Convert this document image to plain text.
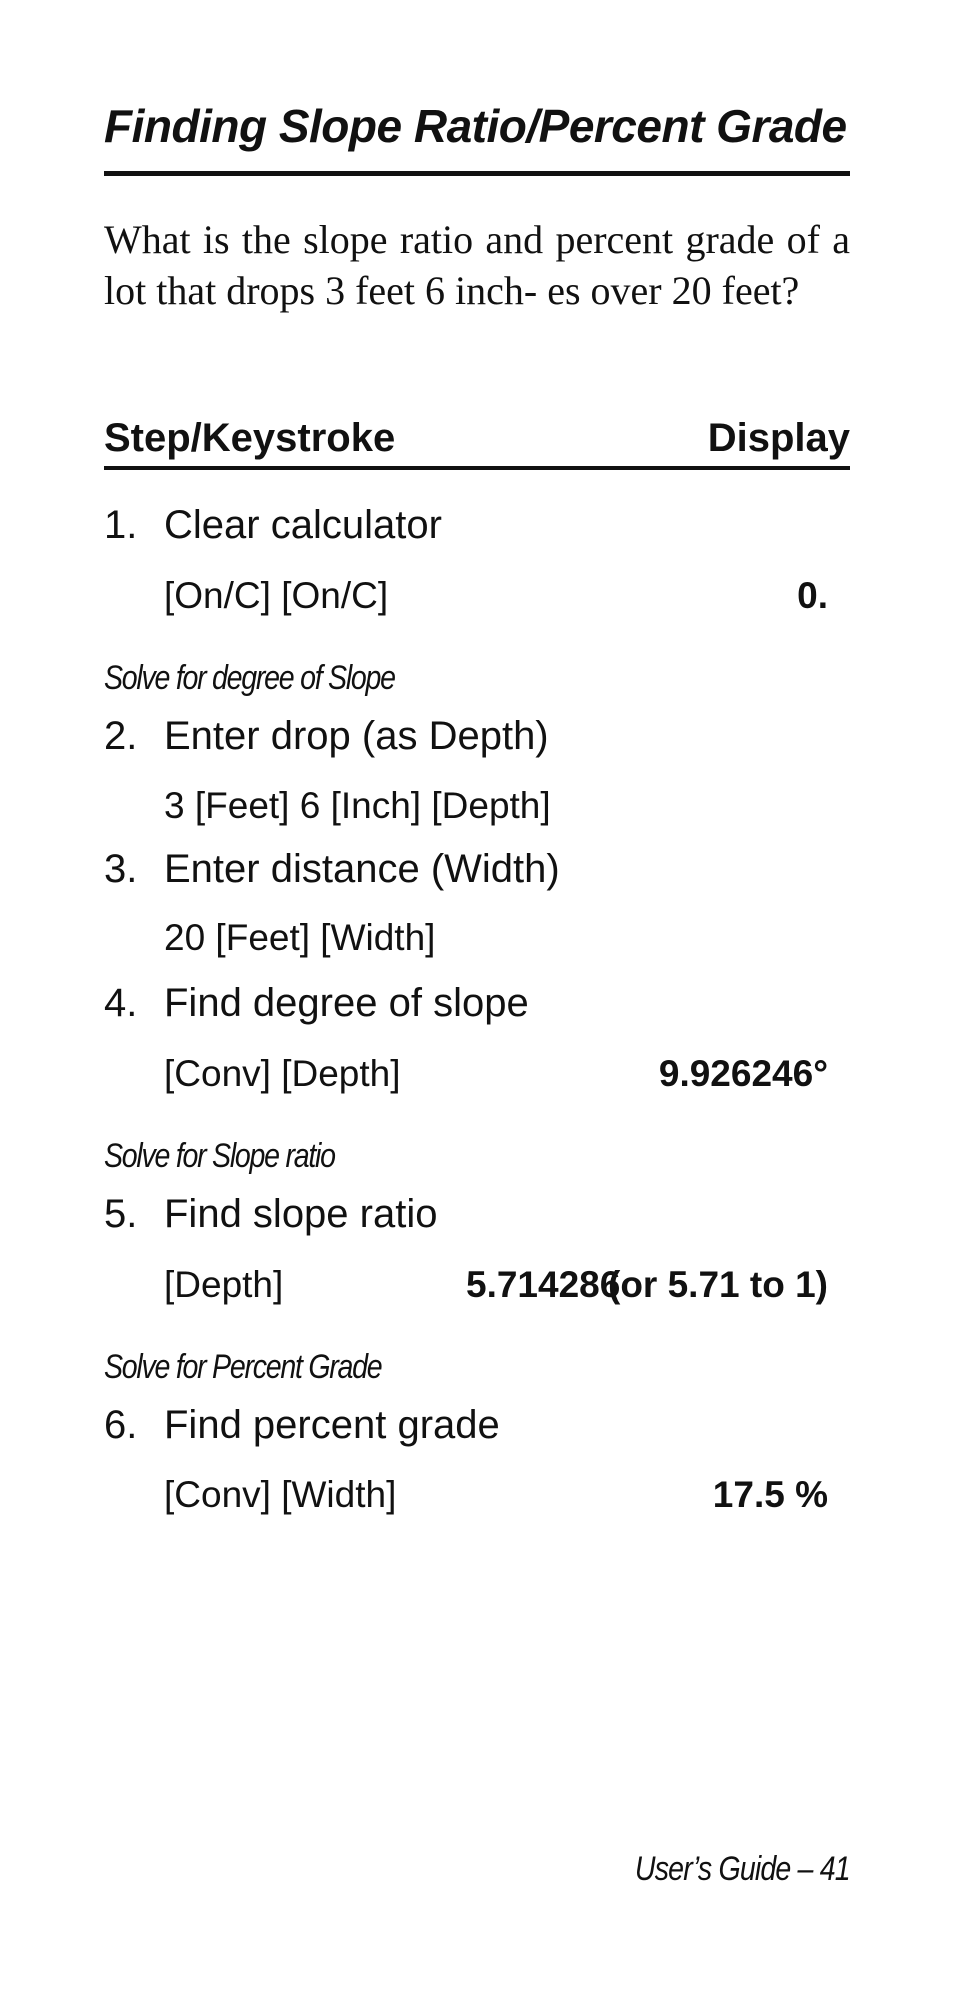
Finding Slope Ratio/Percent Grade
What is the slope ratio and percent grade of a lot that drops 3 feet 6 inch- es over 20 feet?
Step/Keystroke	Display
1. Clear calculator
[On/C] [On/C]	0.
Solve for degree of Slope
2. Enter drop (as Depth)
3 [Feet] 6 [Inch] [Depth]
3. Enter distance (Width)
20 [Feet] [Width]
4. Find degree of slope
[Conv] [Depth]	9.926246°
Solve for Slope ratio
5. Find slope ratio
[Depth]	5.714286
(or 5.71 to 1)
Solve for Percent Grade
6. Find percent grade
[Conv] [Width]	17.5 %
User’s Guide – 41
